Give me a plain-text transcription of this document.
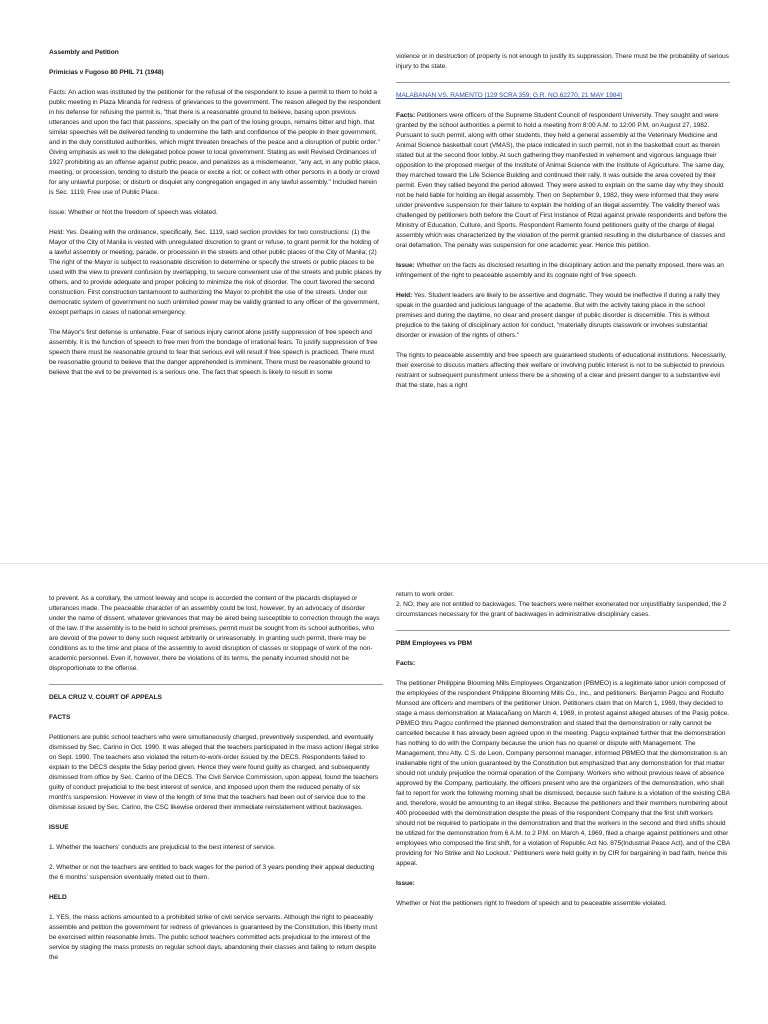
Assembly and Petition

Primicias v Fugoso 80 PHIL 71 (1948)

Facts: An action was instituted by the petitioner for the refusal of the respondent to issue a permit to them to hold a public meeting in Plaza Miranda for redress of grievances to the government. The reason alleged by the respondent in his defense for refusing the permit is, "that there is a reasonable ground to believe, basing upon previous utterances and upon the fact that passions, specially on the part of the losing groups, remains bitter and high, that similar speeches will be delivered tending to undermine the faith and confidence of the people in their government, and in the duly constituted authorities, which might threaten breaches of the peace and a disruption of public order." Giving emphasis as well to the delegated police power to local government. Stating as well Revised Ordinances of 1927 prohibiting as an offense against public peace, and penalizes as a misdemeanor, "any act, in any public place, meeting, or procession, tending to disturb the peace or excite a riot; or collect with other persons in a body or crowd for any unlawful purpose; or disturb or disquiet any congregation engaged in any lawful assembly." Included herein is Sec. 1119, Free use of Public Place.

Issue: Whether or Not the freedom of speech was violated.

Held: Yes. Dealing with the ordinance, specifically, Sec. 1119, said section provides for two constructions: (1) the Mayor of the City of Manila is vested with unregulated discretion to grant or refuse, to grant permit for the holding of a lawful assembly or meeting, parade, or procession in the streets and other public places of the City of Manila; (2) The right of the Mayor is subject to reasonable discretion to determine or specify the streets or public places to be used with the view to prevent confusion by overlapping, to secure convenient use of the streets and public places by others, and to provide adequate and proper policing to minimize the risk of disorder. The court favored the second construction. First construction tantamount to authorizing the Mayor to prohibit the use of the streets. Under our democratic system of government no such unlimited power may be validly granted to any officer of the government, except perhaps in cases of national emergency.

The Mayor's first defense is untenable. Fear of serious injury cannot alone justify suppression of free speech and assembly. It is the function of speech to free men from the bondage of irrational fears. To justify suppression of free speech there must be reasonable ground to fear that serious evil will result if free speech is practiced. There must be reasonable ground to believe that the danger apprehended is imminent. There must be reasonable ground to believe that the evil to be prevented is a serious one. The fact that speech is likely to result in some

violence or in destruction of property is not enough to justify its suppression. There must be the probability of serious injury to the state.

MALABANAN VS. RAMENTO [129 SCRA 359; G.R. NO.62270; 21 MAY 1984]

Facts: Petitioners were officers of the Supreme Student Council of respondent University. They sought and were granted by the school authorities a permit to hold a meeting from 8:00 A.M. to 12:00 P.M, on August 27, 1982. Pursuant to such permit, along with other students, they held a general assembly at the Veterinary Medicine and Animal Science basketball court (VMAS), the place indicated in such permit, not in the basketball court as therein stated but at the second floor lobby. At such gathering they manifested in vehement and vigorous language their opposition to the proposed merger of the Institute of Animal Science with the Institute of Agriculture. The same day, they marched toward the Life Science Building and continued their rally. It was outside the area covered by their permit. Even they rallied beyond the period allowed. They were asked to explain on the same day why they should not be held liable for holding an illegal assembly. Then on September 9, 1982, they were informed that they were under preventive suspension for their failure to explain the holding of an illegal assembly. The validity thereof was challenged by petitioners both before the Court of First Instance of Rizal against private respondents and before the Ministry of Education, Culture, and Sports. Respondent Ramento found petitioners guilty of the charge of illegal assembly which was characterized by the violation of the permit granted resulting in the disturbance of classes and oral defamation. The penalty was suspension for one academic year. Hence this petition.

Issue: Whether on the facts as disclosed resulting in the disciplinary action and the penalty imposed, there was an infringement of the right to peaceable assembly and its cognate right of free speech.

Held: Yes. Student leaders are likely to be assertive and dogmatic. They would be ineffective if during a rally they speak in the guarded and judicious language of the academe. But with the activity taking place in the school premises and during the daytime, no clear and present danger of public disorder is discernible. This is without prejudice to the taking of disciplinary action for conduct, "materially disrupts classwork or involves substantial disorder or invasion of the rights of others."

The rights to peaceable assembly and free speech are guaranteed students of educational institutions. Necessarily, their exercise to discuss matters affecting their welfare or involving public interest is not to be subjected to previous restraint or subsequent punishment unless there be a showing of a clear and present danger to a substantive evil that the state, has a right

to prevent. As a corollary, the utmost leeway and scope is accorded the content of the placards displayed or utterances made. The peaceable character of an assembly could be lost, however, by an advocacy of disorder under the name of dissent, whatever grievances that may be aired being susceptible to correction through the ways of the law. If the assembly is to be held in school premises, permit must be sought from its school authorities, who are devoid of the power to deny such request arbitrarily or unreasonably. In granting such permit, there may be conditions as to the time and place of the assembly to avoid disruption of classes or stoppage of work of the non-academic personnel. Even if, however, there be violations of its terms, the penalty incurred should not be disproportionate to the offense.

DELA CRUZ V. COURT OF APPEALS

FACTS

Petitioners are public school teachers who were simultaneously charged, preventively suspended, and eventually dismissed by Sec. Carino in Oct. 1990. It was alleged that the teachers participated in the mass action/ illegal strike on Sept. 1990. The teachers also violated the return-to-work-order issued by the DECS. Respondents failed to explain to the DECS despite the 5day period given. Hence they were found guilty as charged, and subsequently dismissed from office by Sec. Carino of the DECS. The Civil Service Commission, upon appeal, found the teachers guilty of conduct prejudicial to the best interest of service, and imposed upon them the reduced penalty of six month's suspension. However in view of the length of time that the teachers had been out of service due to the dismissal issued by Sec. Carino, the CSC likewise ordered their immediate reinstatement without backwages.

ISSUE

1. Whether the teachers' conducts are prejudicial to the best interest of service.

2. Whether or not the teachers are entitled to back wages for the period of 3 years pending their appeal deducting the 6 months' suspension eventually meted out to them.

HELD

1. YES, the mass actions amounted to a prohibited strike of civil service servants. Although the right to peaceably assemble and petition the government for redress of grievances is guaranteed by the Constitution, this liberty must be exercised within reasonable limits. The public school teachers committed acts prejudicial to the interest of the service by staging the mass protests on regular school days, abandoning their classes and failing to return despite the

return to work order.

2. NO, they are not entitled to backwages. The teachers were neither exonerated nor unjustifiably suspended, the 2 circumstances necessary for the grant of backwages in administrative disciplinary cases.

PBM Employees vs PBM

Facts:

The petitioner Philippine Blooming Mills Employees Organization (PBMEO) is a legitimate labor union composed of the employees of the respondent Philippine Blooming Mills Co., Inc., and petitioners. Benjamin Pagcu and Rodulfo Munsod are officers and members of the petitioner Union. Petitioners claim that on March 1, 1969, they decided to stage a mass demonstration at Malacañang on March 4, 1969, in protest against alleged abuses of the Pasig police. PBMEO thru Pagcu confirmed the planned demonstration and stated that the demonstration or rally cannot be cancelled because it has already been agreed upon in the meeting. Pagcu explained further that the demonstration has nothing to do with the Company because the union has no quarrel or dispute with Management. The Management, thru Atty. C.S. de Leon, Company personnel manager, informed PBMEO that the demonstration is an inalienable right of the union guaranteed by the Constitution but emphasized that any demonstration for that matter should not unduly prejudice the normal operation of the Company. Workers who without previous leave of absence approved by the Company, particularly, the officers present who are the organizers of the demonstration, who shall fail to report for work the following morning shall be dismissed, because such failure is a violation of the existing CBA and, therefore, would be amounting to an illegal strike. Because the petitioners and their members numbering about 400 proceeded with the demonstration despite the pleas of the respondent Company that the first shift workers should not be required to participate in the demonstration and that the workers in the second and third shifts should be utilized for the demonstration from 6 A.M. to 2 P.M. on March 4, 1969, filed a charge against petitioners and other employees who composed the first shift, for a violation of Republic Act No. 875(Industrial Peace Act), and of the CBA providing for 'No Strike and No Lockout.' Petitioners were held guilty in by CIR for bargaining in bad faith, hence this appeal.

Issue:

Whether or Not the petitioners right to freedom of speech and to peaceable assemble violated.
